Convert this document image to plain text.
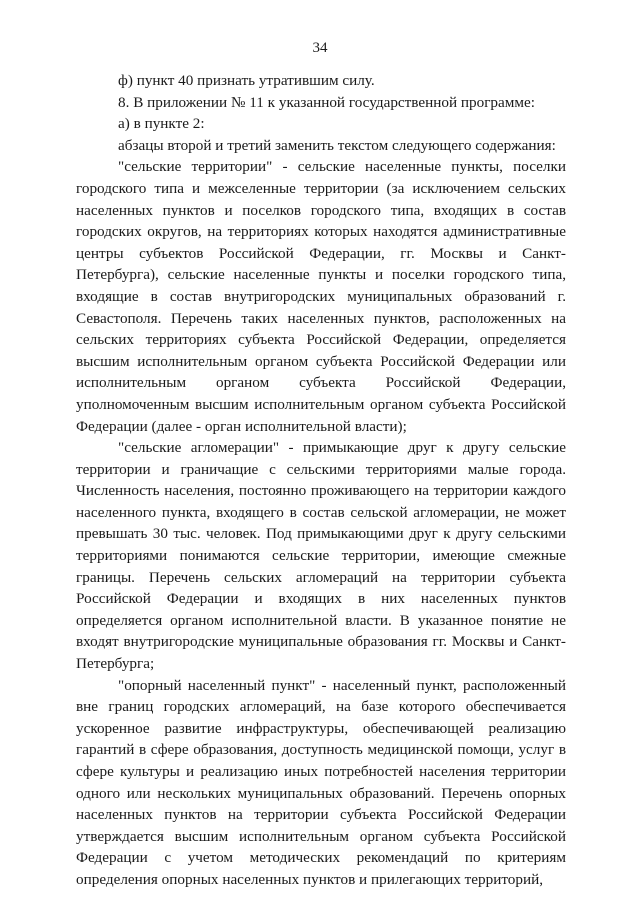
34

ф) пункт 40 признать утратившим силу.

8. В приложении № 11 к указанной государственной программе:

а) в пункте 2:

абзацы второй и третий заменить текстом следующего содержания:

"сельские территории" - сельские населенные пункты, поселки городского типа и межселенные территории (за исключением сельских населенных пунктов и поселков городского типа, входящих в состав городских округов, на территориях которых находятся административные центры субъектов Российской Федерации, гг. Москвы и Санкт-Петербурга), сельские населенные пункты и поселки городского типа, входящие в состав внутригородских муниципальных образований г. Севастополя. Перечень таких населенных пунктов, расположенных на сельских территориях субъекта Российской Федерации, определяется высшим исполнительным органом субъекта Российской Федерации или исполнительным органом субъекта Российской Федерации, уполномоченным высшим исполнительным органом субъекта Российской Федерации (далее - орган исполнительной власти);

"сельские агломерации" - примыкающие друг к другу сельские территории и граничащие с сельскими территориями малые города. Численность населения, постоянно проживающего на территории каждого населенного пункта, входящего в состав сельской агломерации, не может превышать 30 тыс. человек. Под примыкающими друг к другу сельскими территориями понимаются сельские территории, имеющие смежные границы. Перечень сельских агломераций на территории субъекта Российской Федерации и входящих в них населенных пунктов определяется органом исполнительной власти. В указанное понятие не входят внутригородские муниципальные образования гг. Москвы и Санкт-Петербурга;

"опорный населенный пункт" - населенный пункт, расположенный вне границ городских агломераций, на базе которого обеспечивается ускоренное развитие инфраструктуры, обеспечивающей реализацию гарантий в сфере образования, доступность медицинской помощи, услуг в сфере культуры и реализацию иных потребностей населения территории одного или нескольких муниципальных образований. Перечень опорных населенных пунктов на территории субъекта Российской Федерации утверждается высшим исполнительным органом субъекта Российской Федерации с учетом методических рекомендаций по критериям определения опорных населенных пунктов и прилегающих территорий,
